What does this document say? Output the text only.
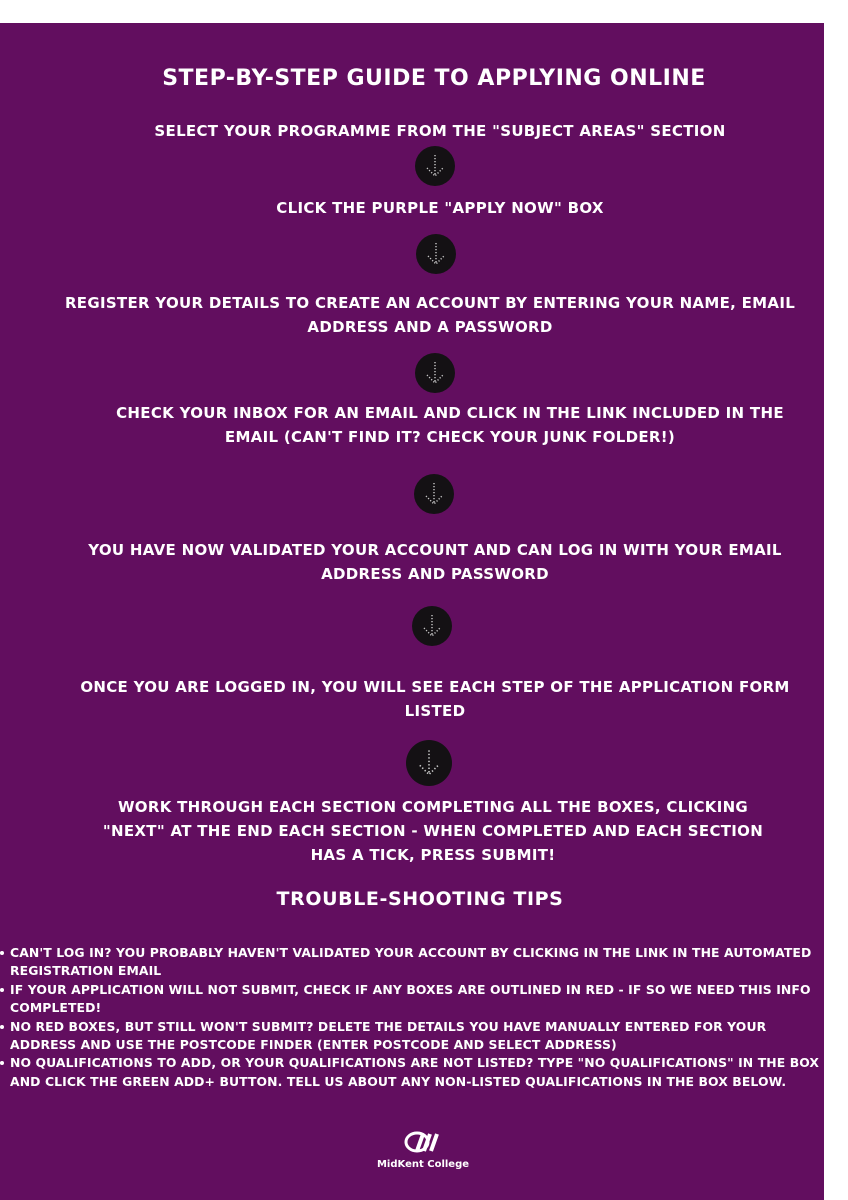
STEP-BY-STEP GUIDE TO APPLYING ONLINE
SELECT YOUR PROGRAMME FROM THE "SUBJECT AREAS" SECTION
CLICK THE PURPLE "APPLY NOW" BOX
REGISTER YOUR DETAILS TO CREATE AN ACCOUNT BY ENTERING YOUR NAME, EMAIL ADDRESS AND A PASSWORD
CHECK YOUR INBOX FOR AN EMAIL AND CLICK IN THE LINK INCLUDED IN THE EMAIL (CAN'T FIND IT? CHECK YOUR JUNK FOLDER!)
YOU HAVE NOW VALIDATED YOUR ACCOUNT AND CAN LOG IN WITH YOUR EMAIL ADDRESS AND PASSWORD
ONCE YOU ARE LOGGED IN, YOU WILL SEE EACH STEP OF THE APPLICATION FORM LISTED
WORK THROUGH EACH SECTION COMPLETING ALL THE BOXES, CLICKING "NEXT" AT THE END EACH SECTION - WHEN COMPLETED AND EACH SECTION HAS A TICK, PRESS SUBMIT!
TROUBLE-SHOOTING TIPS
CAN'T LOG IN? YOU PROBABLY HAVEN'T VALIDATED YOUR ACCOUNT BY CLICKING IN THE LINK IN THE AUTOMATED REGISTRATION EMAIL
IF YOUR APPLICATION WILL NOT SUBMIT, CHECK IF ANY BOXES ARE OUTLINED IN RED - IF SO WE NEED THIS INFO COMPLETED!
NO RED BOXES, BUT STILL WON'T SUBMIT? DELETE THE DETAILS YOU HAVE MANUALLY ENTERED FOR YOUR ADDRESS AND USE THE POSTCODE FINDER (ENTER POSTCODE AND SELECT ADDRESS)
NO QUALIFICATIONS TO ADD, OR YOUR QUALIFICATIONS ARE NOT LISTED? TYPE "NO QUALIFICATIONS" IN THE BOX AND CLICK THE GREEN ADD+ BUTTON. TELL US ABOUT ANY NON-LISTED QUALIFICATIONS IN THE BOX BELOW.
MidKent College
